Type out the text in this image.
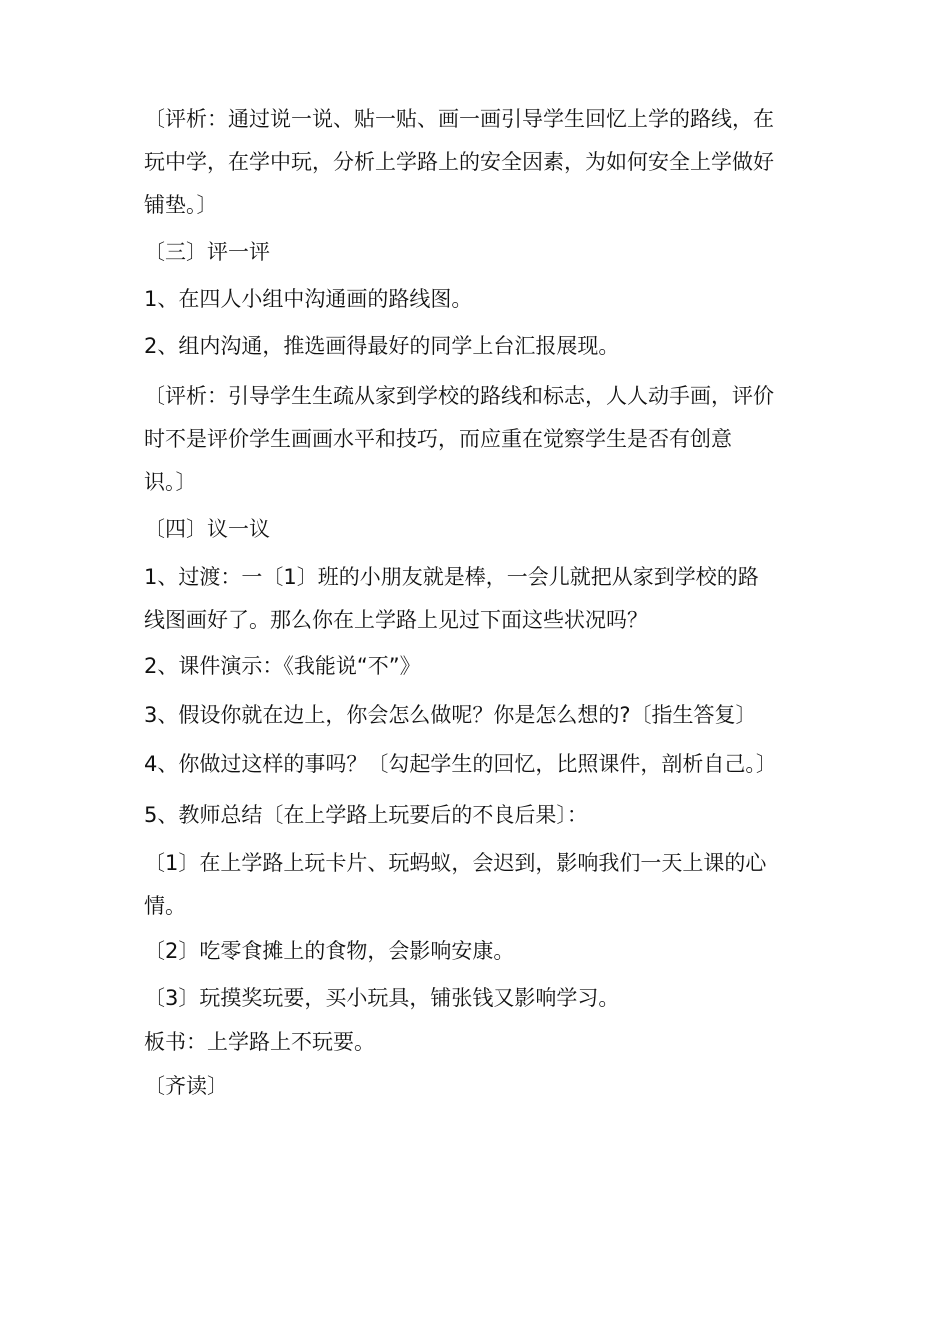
〔评析：通过说一说、贴一贴、画一画引导学生回忆上学的路线，在
玩中学，在学中玩，分析上学路上的安全因素，为如何安全上学做好
铺垫。〕

〔三〕评一评

1、在四人小组中沟通画的路线图。

2、组内沟通，推选画得最好的同学上台汇报展现。

〔评析：引导学生生疏从家到学校的路线和标志，人人动手画，评价
时不是评价学生画画水平和技巧，而应重在觉察学生是否有创意
识。〕

〔四〕议一议

1、过渡：一〔1〕班的小朋友就是棒，一会儿就把从家到学校的路
线图画好了。那么你在上学路上见过下面这些状况吗？

2、课件演示：《我能说“不”》

3、假设你就在边上，你会怎么做呢？你是怎么想的?〔指生答复〕

4、你做过这样的事吗？〔勾起学生的回忆，比照课件，剖析自己。〕

5、教师总结〔在上学路上玩要后的不良后果〕：

〔1〕在上学路上玩卡片、玩蚂蚁，会迟到，影响我们一天上课的心
情。

〔2〕吃零食摊上的食物，会影响安康。

〔3〕玩摸奖玩要，买小玩具，铺张钱又影响学习。

板书：上学路上不玩要。

〔齐读〕
